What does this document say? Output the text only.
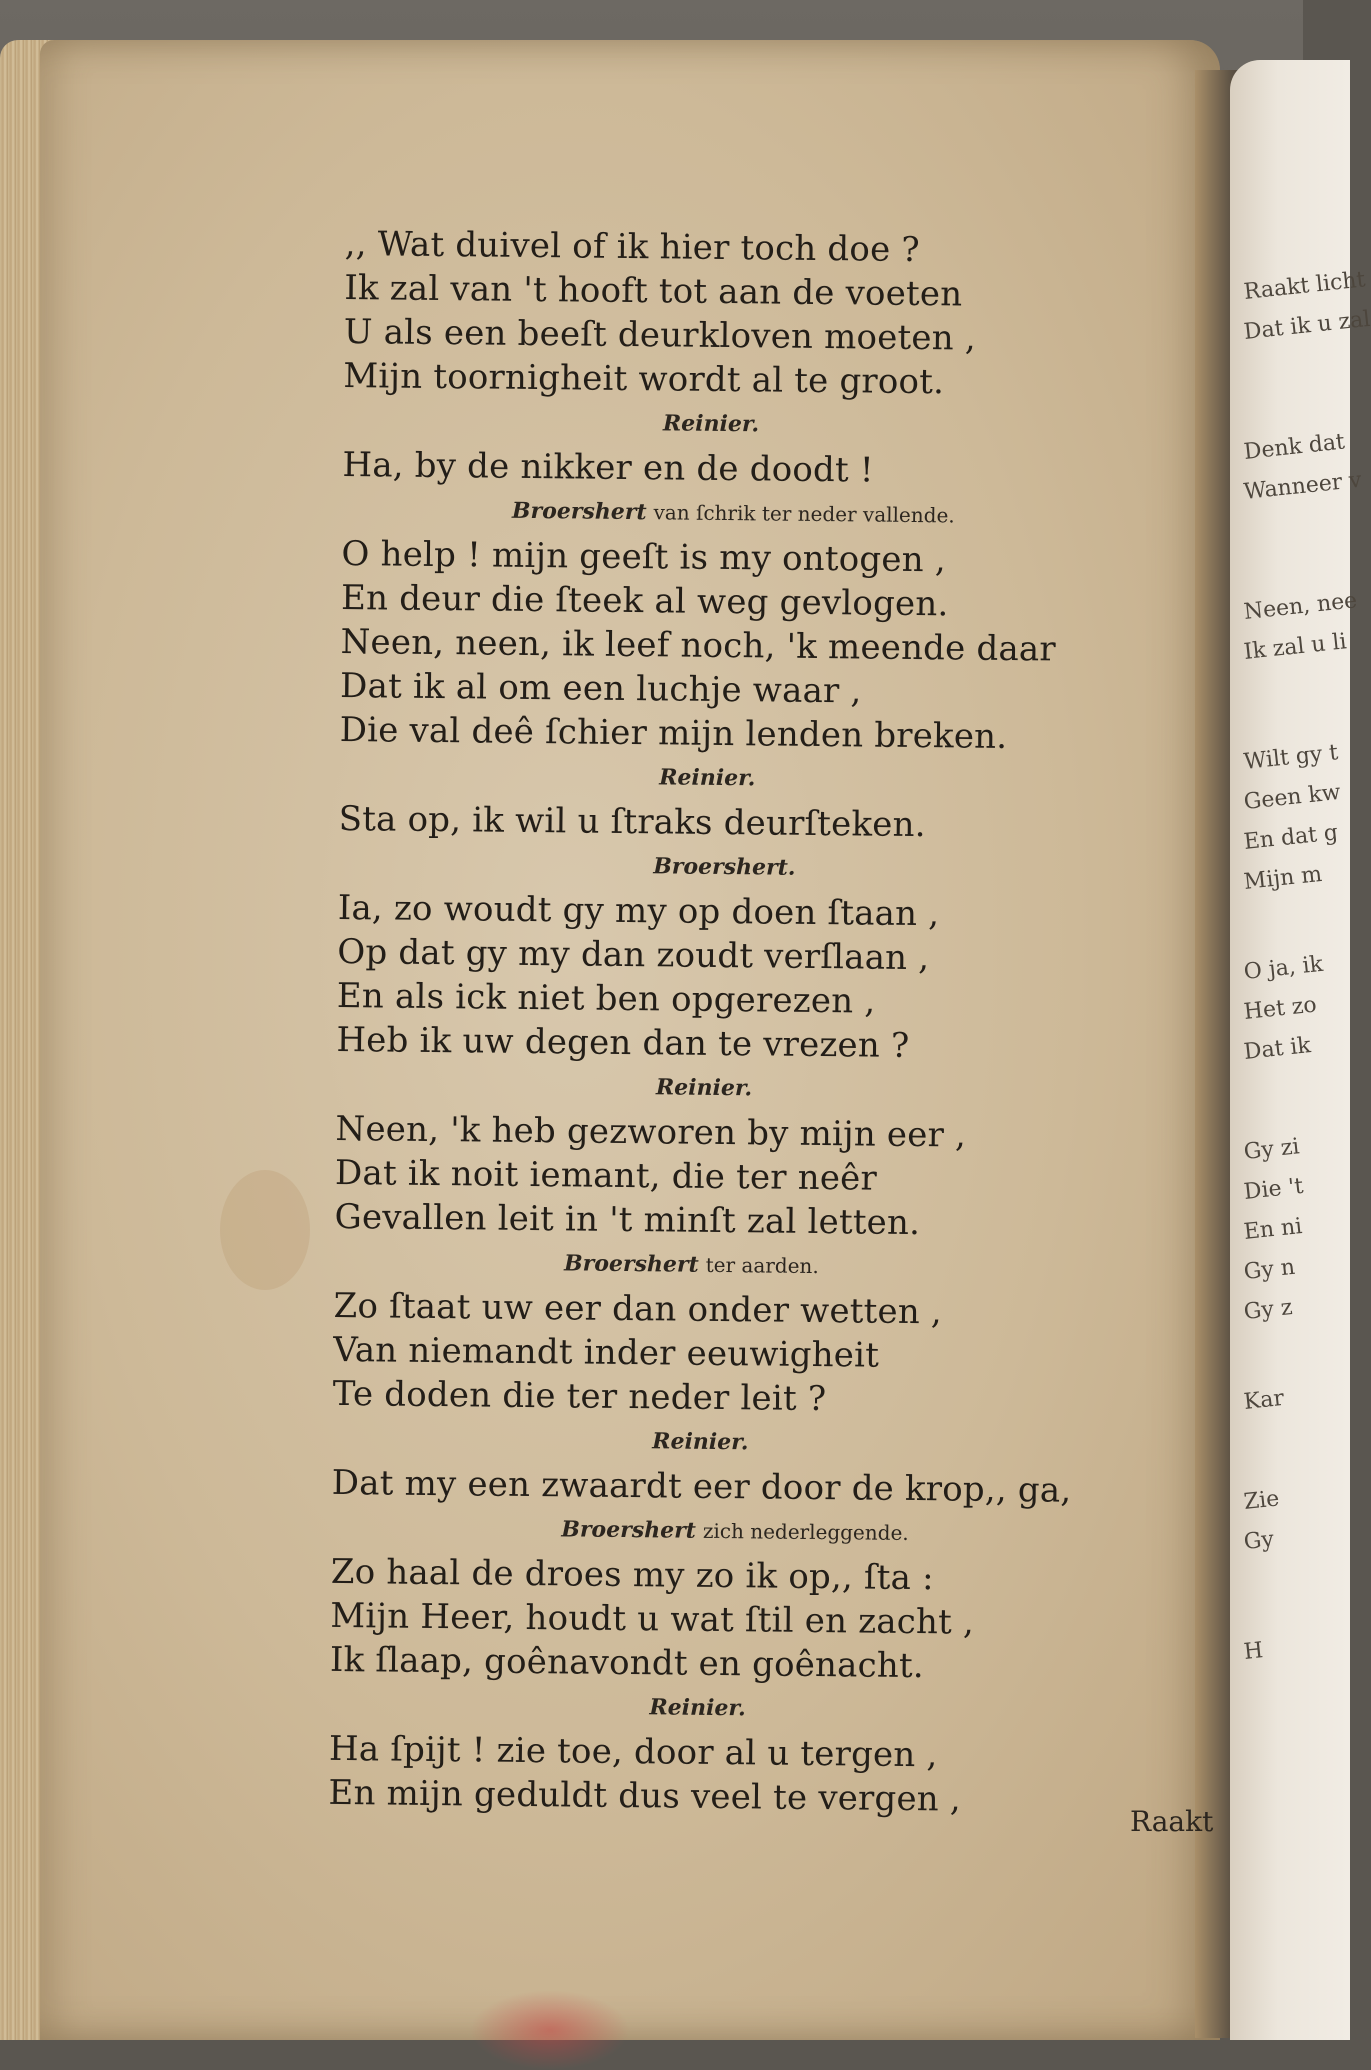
Raakt licht
Dat ik u zal
Denk dat
Wanneer v
Neen, nee
Ik zal u li
Wilt gy t
Geen kw
En dat g
Mijn m
O ja, ik
Het zo
Dat ik
Gy zi
Die 't
En ni
Gy n
Gy z
Kar
Zie
Gy
H
,, Wat duivel of ik hier toch doe ?
Ik zal van 't hooft tot aan de voeten
U als een beeſt deurkloven moeten ,
Mijn toornigheit wordt al te groot.
Reinier.
Ha, by de nikker en de doodt !
Broershert van ſchrik ter neder vallende.
O help ! mijn geeſt is my ontogen ,
En deur die ſteek al weg gevlogen.
Neen, neen, ik leef noch, 'k meende daar
Dat ik al om een luchje waar ,
Die val deê ſchier mijn lenden breken.
Reinier.
Sta op, ik wil u ſtraks deurſteken.
Broershert.
Ia, zo woudt gy my op doen ſtaan ,
Op dat gy my dan zoudt verſlaan ,
En als ick niet ben opgerezen ,
Heb ik uw degen dan te vrezen ?
Reinier.
Neen, 'k heb gezworen by mijn eer ,
Dat ik noit iemant, die ter neêr
Gevallen leit in 't minſt zal letten.
Broershert ter aarden.
Zo ſtaat uw eer dan onder wetten ,
Van niemandt inder eeuwigheit
Te doden die ter neder leit ?
Reinier.
Dat my een zwaardt eer door de krop,, ga,
Broershert zich nederleggende.
Zo haal de droes my zo ik op,, ſta :
Mijn Heer, houdt u wat ſtil en zacht ,
Ik ſlaap, goênavondt en goênacht.
Reinier.
Ha ſpijt ! zie toe, door al u tergen ,
En mijn geduldt dus veel te vergen ,
Raakt
